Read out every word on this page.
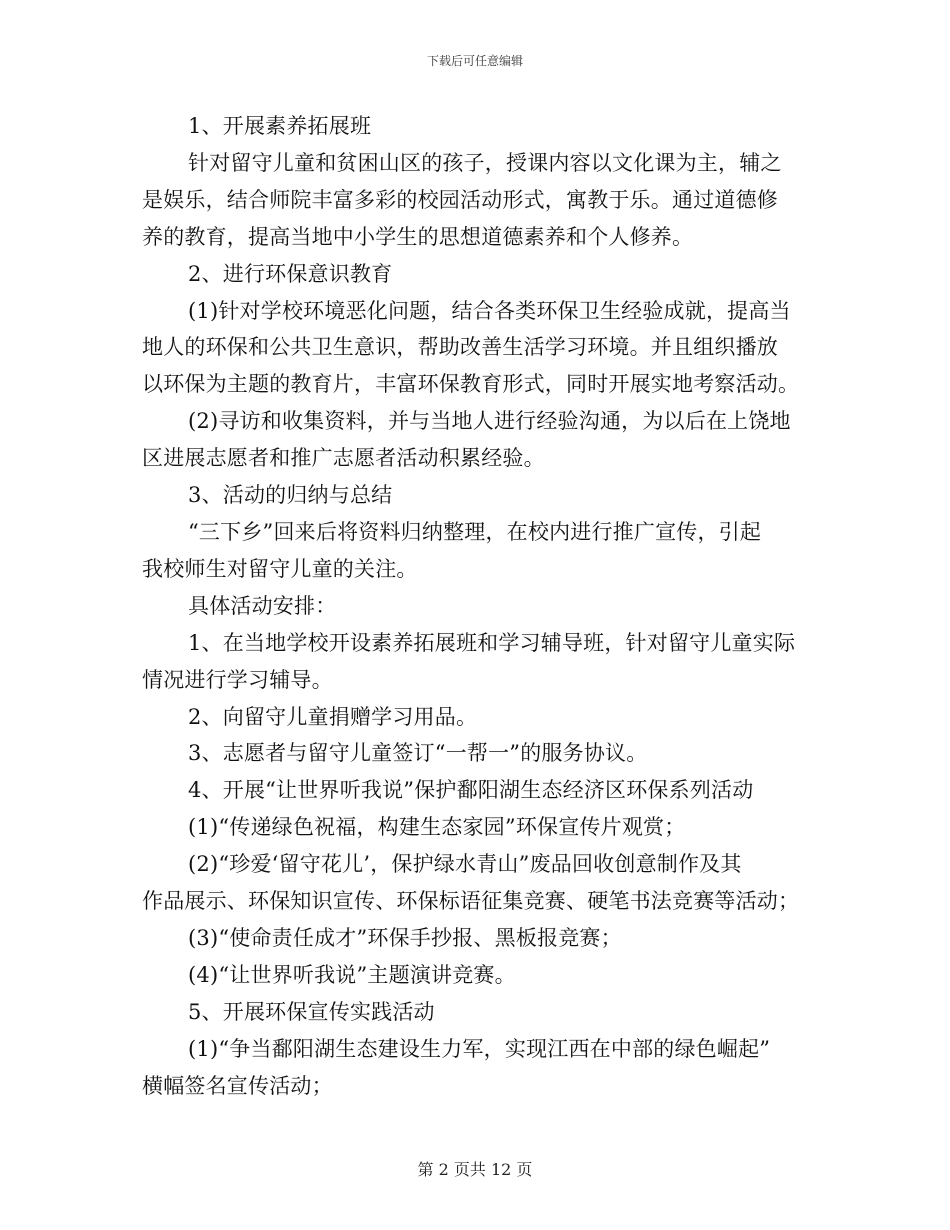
下载后可任意编辑
1、开展素养拓展班
针对留守儿童和贫困山区的孩子，授课内容以文化课为主，辅之
是娱乐，结合师院丰富多彩的校园活动形式，寓教于乐。通过道德修
养的教育，提高当地中小学生的思想道德素养和个人修养。
2、进行环保意识教育
(1)针对学校环境恶化问题，结合各类环保卫生经验成就，提高当
地人的环保和公共卫生意识，帮助改善生活学习环境。并且组织播放
以环保为主题的教育片，丰富环保教育形式，同时开展实地考察活动。
(2)寻访和收集资料，并与当地人进行经验沟通，为以后在上饶地
区进展志愿者和推广志愿者活动积累经验。
3、活动的归纳与总结
“三下乡”回来后将资料归纳整理，在校内进行推广宣传，引起
我校师生对留守儿童的关注。
具体活动安排：
1、在当地学校开设素养拓展班和学习辅导班，针对留守儿童实际
情况进行学习辅导。
2、向留守儿童捐赠学习用品。
3、志愿者与留守儿童签订“一帮一”的服务协议。
4、开展“让世界听我说”保护鄱阳湖生态经济区环保系列活动
(1)“传递绿色祝福，构建生态家园”环保宣传片观赏；
(2)“珍爱‘留守花儿’，保护绿水青山”废品回收创意制作及其
作品展示、环保知识宣传、环保标语征集竞赛、硬笔书法竞赛等活动；
(3)“使命责任成才”环保手抄报、黑板报竞赛；
(4)“让世界听我说”主题演讲竞赛。
5、开展环保宣传实践活动
(1)“争当鄱阳湖生态建设生力军，实现江西在中部的绿色崛起”
横幅签名宣传活动；
第 2 页共 12 页
